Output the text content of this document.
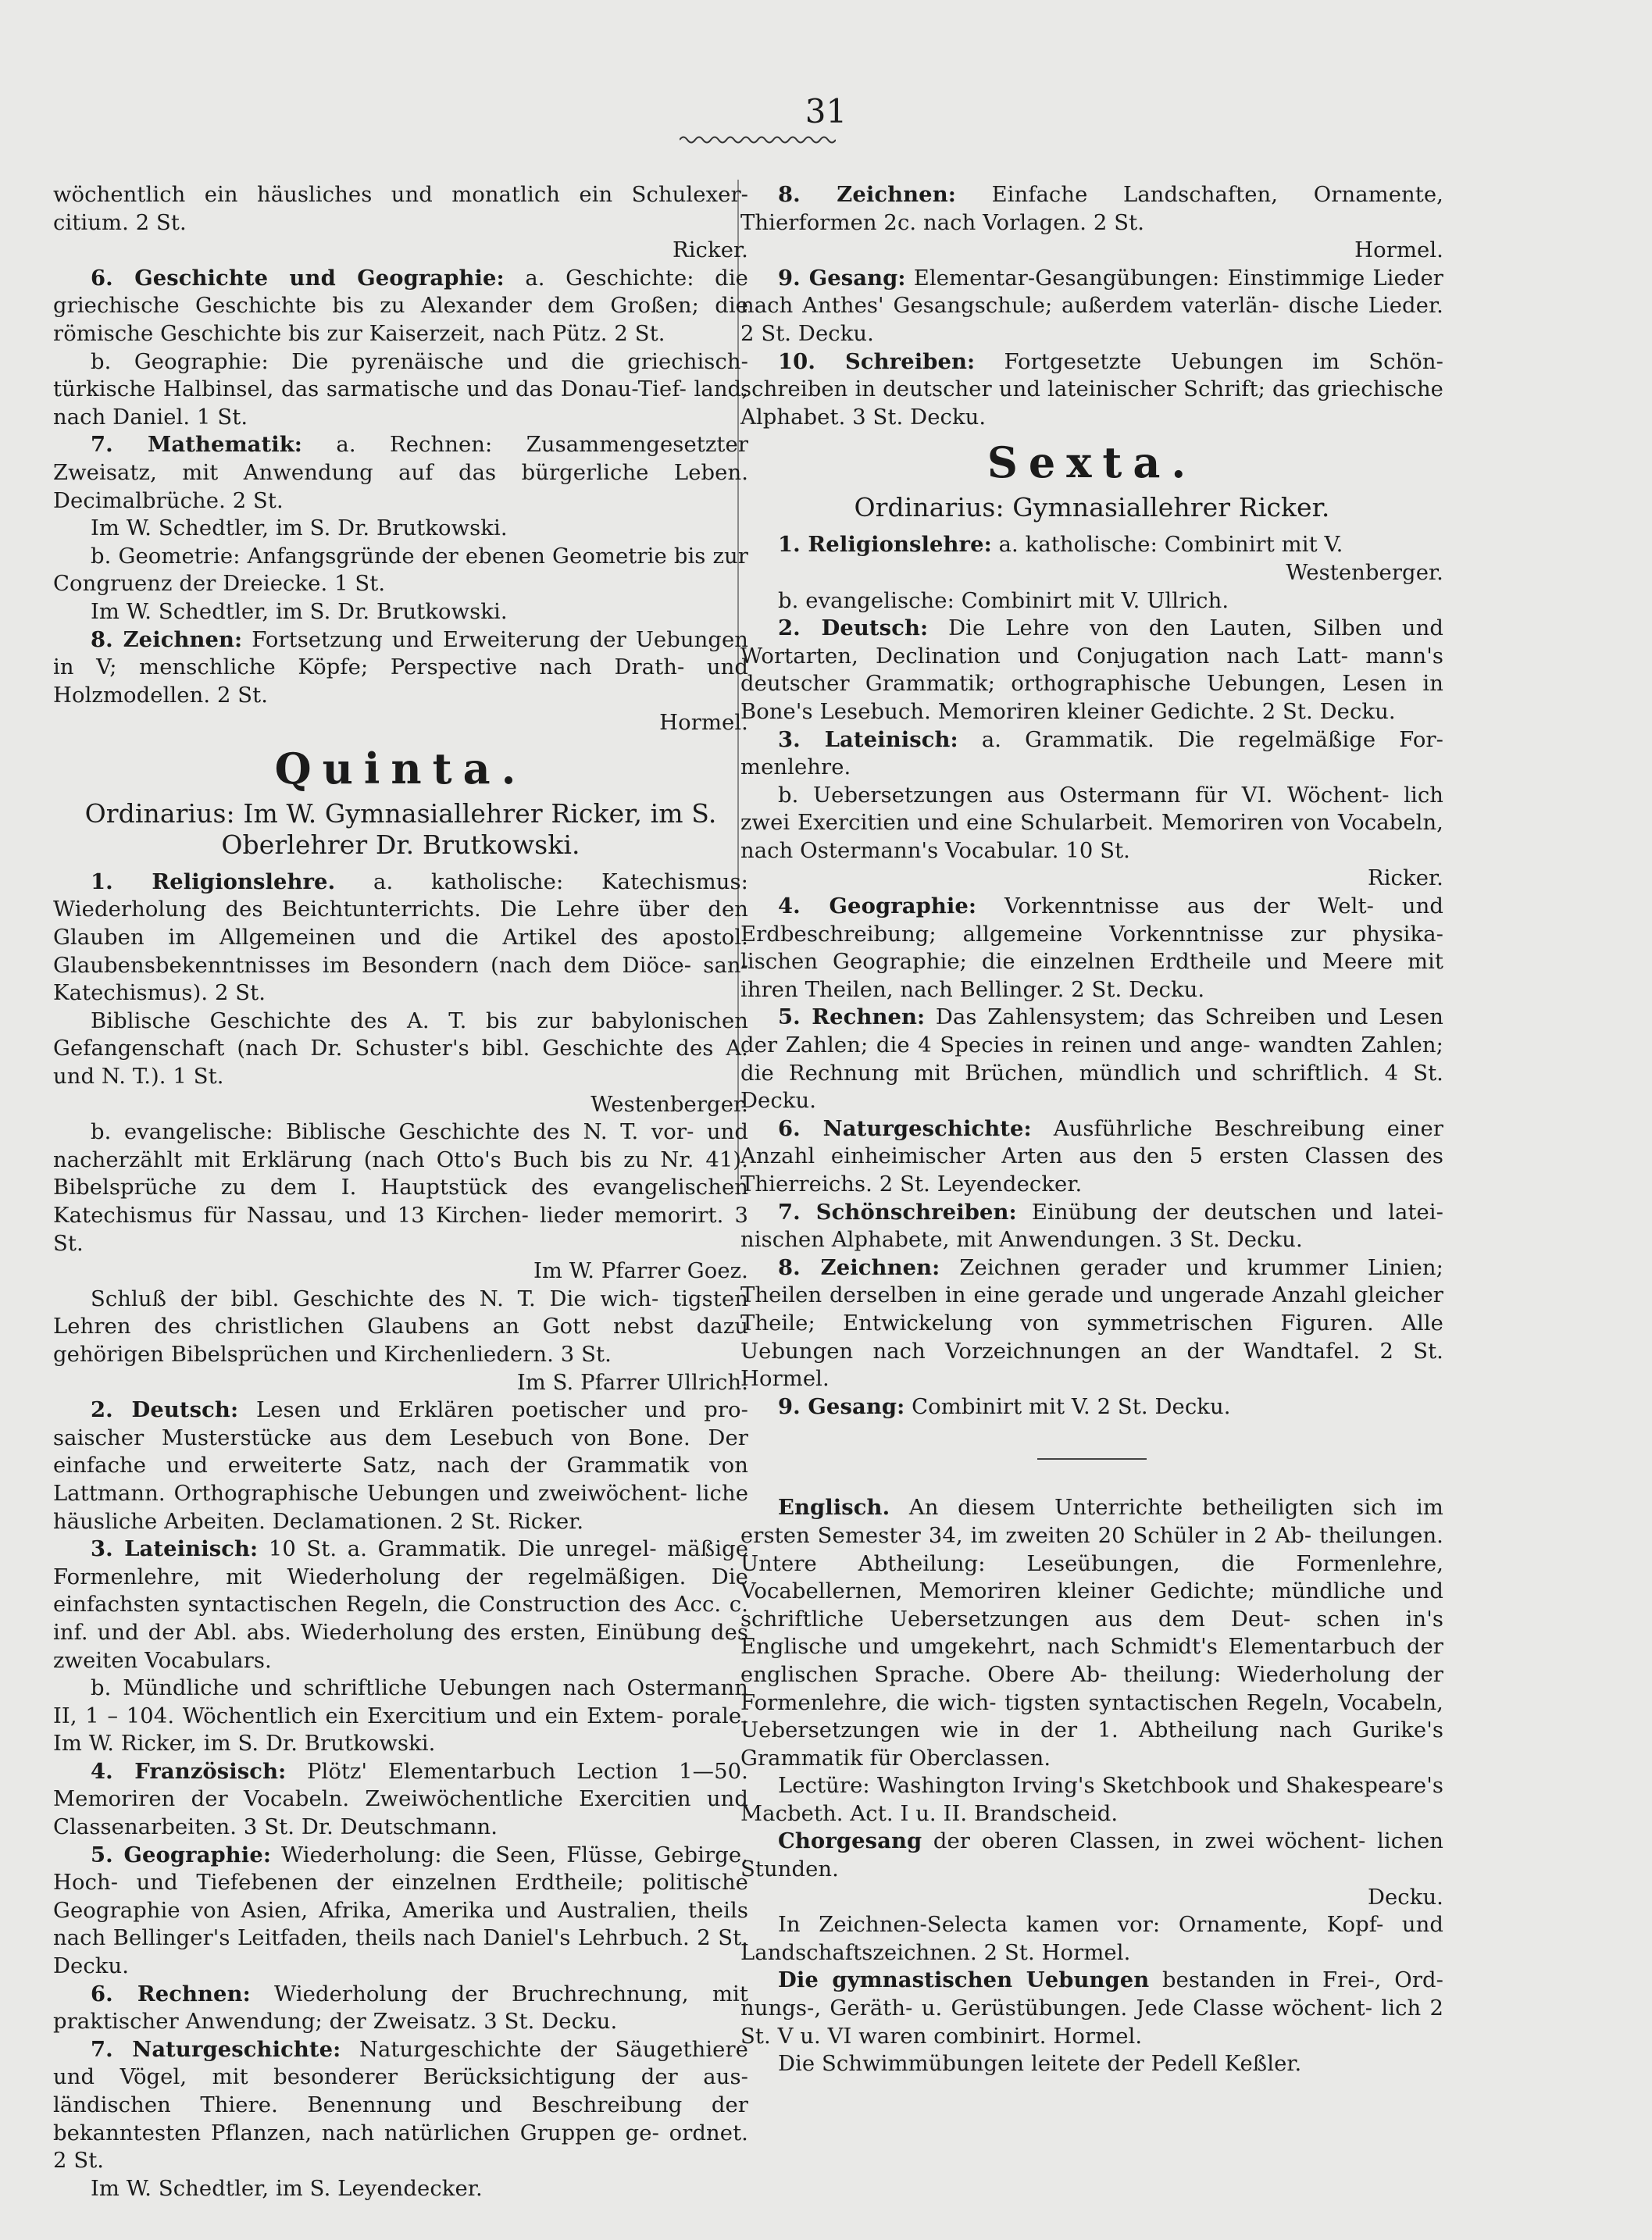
31

wöchentlich ein häusliches und monatlich ein Schulexer- citium. 2 St.

Ricker.

6. Geschichte und Geographie: a. Geschichte: die griechische Geschichte bis zu Alexander dem Großen; die römische Geschichte bis zur Kaiserzeit, nach Pütz. 2 St.

b. Geographie: Die pyrenäische und die griechisch- türkische Halbinsel, das sarmatische und das Donau-Tief- land, nach Daniel. 1 St.

7. Mathematik: a. Rechnen: Zusammengesetzter Zweisatz, mit Anwendung auf das bürgerliche Leben. Decimalbrüche. 2 St.

Im W. Schedtler, im S. Dr. Brutkowski.

b. Geometrie: Anfangsgründe der ebenen Geometrie bis zur Congruenz der Dreiecke. 1 St.

Im W. Schedtler, im S. Dr. Brutkowski.

8. Zeichnen: Fortsetzung und Erweiterung der Uebungen in V; menschliche Köpfe; Perspective nach Drath- und Holzmodellen. 2 St.

Hormel.

Quinta.

Ordinarius: Im W. Gymnasiallehrer Ricker, im S. Oberlehrer Dr. Brutkowski.

1. Religionslehre. a. katholische: Katechismus: Wiederholung des Beichtunterrichts. Die Lehre über den Glauben im Allgemeinen und die Artikel des apostol. Glaubensbekenntnisses im Besondern (nach dem Diöce- san-Katechismus). 2 St.

Biblische Geschichte des A. T. bis zur babylonischen Gefangenschaft (nach Dr. Schuster's bibl. Geschichte des A. und N. T.). 1 St.

Westenberger.

b. evangelische: Biblische Geschichte des N. T. vor- und nacherzählt mit Erklärung (nach Otto's Buch bis zu Nr. 41). Bibelsprüche zu dem I. Hauptstück des evangelischen Katechismus für Nassau, und 13 Kirchen- lieder memorirt. 3 St.

Im W. Pfarrer Goez.

Schluß der bibl. Geschichte des N. T. Die wich- tigsten Lehren des christlichen Glaubens an Gott nebst dazu gehörigen Bibelsprüchen und Kirchenliedern. 3 St.

Im S. Pfarrer Ullrich.

2. Deutsch: Lesen und Erklären poetischer und pro- saischer Musterstücke aus dem Lesebuch von Bone. Der einfache und erweiterte Satz, nach der Grammatik von Lattmann. Orthographische Uebungen und zweiwöchent- liche häusliche Arbeiten. Declamationen. 2 St. Ricker.

3. Lateinisch: 10 St. a. Grammatik. Die unregel- mäßige Formenlehre, mit Wiederholung der regelmäßigen. Die einfachsten syntactischen Regeln, die Construction des Acc. c. inf. und der Abl. abs. Wiederholung des ersten, Einübung des zweiten Vocabulars.

b. Mündliche und schriftliche Uebungen nach Ostermann II, 1 – 104. Wöchentlich ein Exercitium und ein Extem- porale. Im W. Ricker, im S. Dr. Brutkowski.

4. Französisch: Plötz' Elementarbuch Lection 1—50. Memoriren der Vocabeln. Zweiwöchentliche Exercitien und Classenarbeiten. 3 St. Dr. Deutschmann.

5. Geographie: Wiederholung: die Seen, Flüsse, Gebirge, Hoch- und Tiefebenen der einzelnen Erdtheile; politische Geographie von Asien, Afrika, Amerika und Australien, theils nach Bellinger's Leitfaden, theils nach Daniel's Lehrbuch. 2 St. Decku.

6. Rechnen: Wiederholung der Bruchrechnung, mit praktischer Anwendung; der Zweisatz. 3 St. Decku.

7. Naturgeschichte: Naturgeschichte der Säugethiere und Vögel, mit besonderer Berücksichtigung der aus- ländischen Thiere. Benennung und Beschreibung der bekanntesten Pflanzen, nach natürlichen Gruppen ge- ordnet. 2 St.

Im W. Schedtler, im S. Leyendecker.

8. Zeichnen: Einfache Landschaften, Ornamente, Thierformen 2c. nach Vorlagen. 2 St.

Hormel.

9. Gesang: Elementar-Gesangübungen: Einstimmige Lieder nach Anthes' Gesangschule; außerdem vaterlän- dische Lieder. 2 St. Decku.

10. Schreiben: Fortgesetzte Uebungen im Schön- schreiben in deutscher und lateinischer Schrift; das griechische Alphabet. 3 St. Decku.

Sexta.

Ordinarius: Gymnasiallehrer Ricker.

1. Religionslehre: a. katholische: Combinirt mit V.

Westenberger.

b. evangelische: Combinirt mit V. Ullrich.

2. Deutsch: Die Lehre von den Lauten, Silben und Wortarten, Declination und Conjugation nach Latt- mann's deutscher Grammatik; orthographische Uebungen, Lesen in Bone's Lesebuch. Memoriren kleiner Gedichte. 2 St. Decku.

3. Lateinisch: a. Grammatik. Die regelmäßige For- menlehre.

b. Uebersetzungen aus Ostermann für VI. Wöchent- lich zwei Exercitien und eine Schularbeit. Memoriren von Vocabeln, nach Ostermann's Vocabular. 10 St.

Ricker.

4. Geographie: Vorkenntnisse aus der Welt- und Erdbeschreibung; allgemeine Vorkenntnisse zur physika- lischen Geographie; die einzelnen Erdtheile und Meere mit ihren Theilen, nach Bellinger. 2 St. Decku.

5. Rechnen: Das Zahlensystem; das Schreiben und Lesen der Zahlen; die 4 Species in reinen und ange- wandten Zahlen; die Rechnung mit Brüchen, mündlich und schriftlich. 4 St. Decku.

6. Naturgeschichte: Ausführliche Beschreibung einer Anzahl einheimischer Arten aus den 5 ersten Classen des Thierreichs. 2 St. Leyendecker.

7. Schönschreiben: Einübung der deutschen und latei- nischen Alphabete, mit Anwendungen. 3 St. Decku.

8. Zeichnen: Zeichnen gerader und krummer Linien; Theilen derselben in eine gerade und ungerade Anzahl gleicher Theile; Entwickelung von symmetrischen Figuren. Alle Uebungen nach Vorzeichnungen an der Wandtafel. 2 St. Hormel.

9. Gesang: Combinirt mit V. 2 St. Decku.

Englisch. An diesem Unterrichte betheiligten sich im ersten Semester 34, im zweiten 20 Schüler in 2 Ab- theilungen. Untere Abtheilung: Leseübungen, die Formenlehre, Vocabellernen, Memoriren kleiner Gedichte; mündliche und schriftliche Uebersetzungen aus dem Deut- schen in's Englische und umgekehrt, nach Schmidt's Elementarbuch der englischen Sprache. Obere Ab- theilung: Wiederholung der Formenlehre, die wich- tigsten syntactischen Regeln, Vocabeln, Uebersetzungen wie in der 1. Abtheilung nach Gurike's Grammatik für Oberclassen.

Lectüre: Washington Irving's Sketchbook und Shakespeare's Macbeth. Act. I u. II. Brandscheid.

Chorgesang der oberen Classen, in zwei wöchent- lichen Stunden.

Decku.

In Zeichnen-Selecta kamen vor: Ornamente, Kopf- und Landschaftszeichnen. 2 St. Hormel.

Die gymnastischen Uebungen bestanden in Frei-, Ord- nungs-, Geräth- u. Gerüstübungen. Jede Classe wöchent- lich 2 St. V u. VI waren combinirt. Hormel.

Die Schwimmübungen leitete der Pedell Keßler.
